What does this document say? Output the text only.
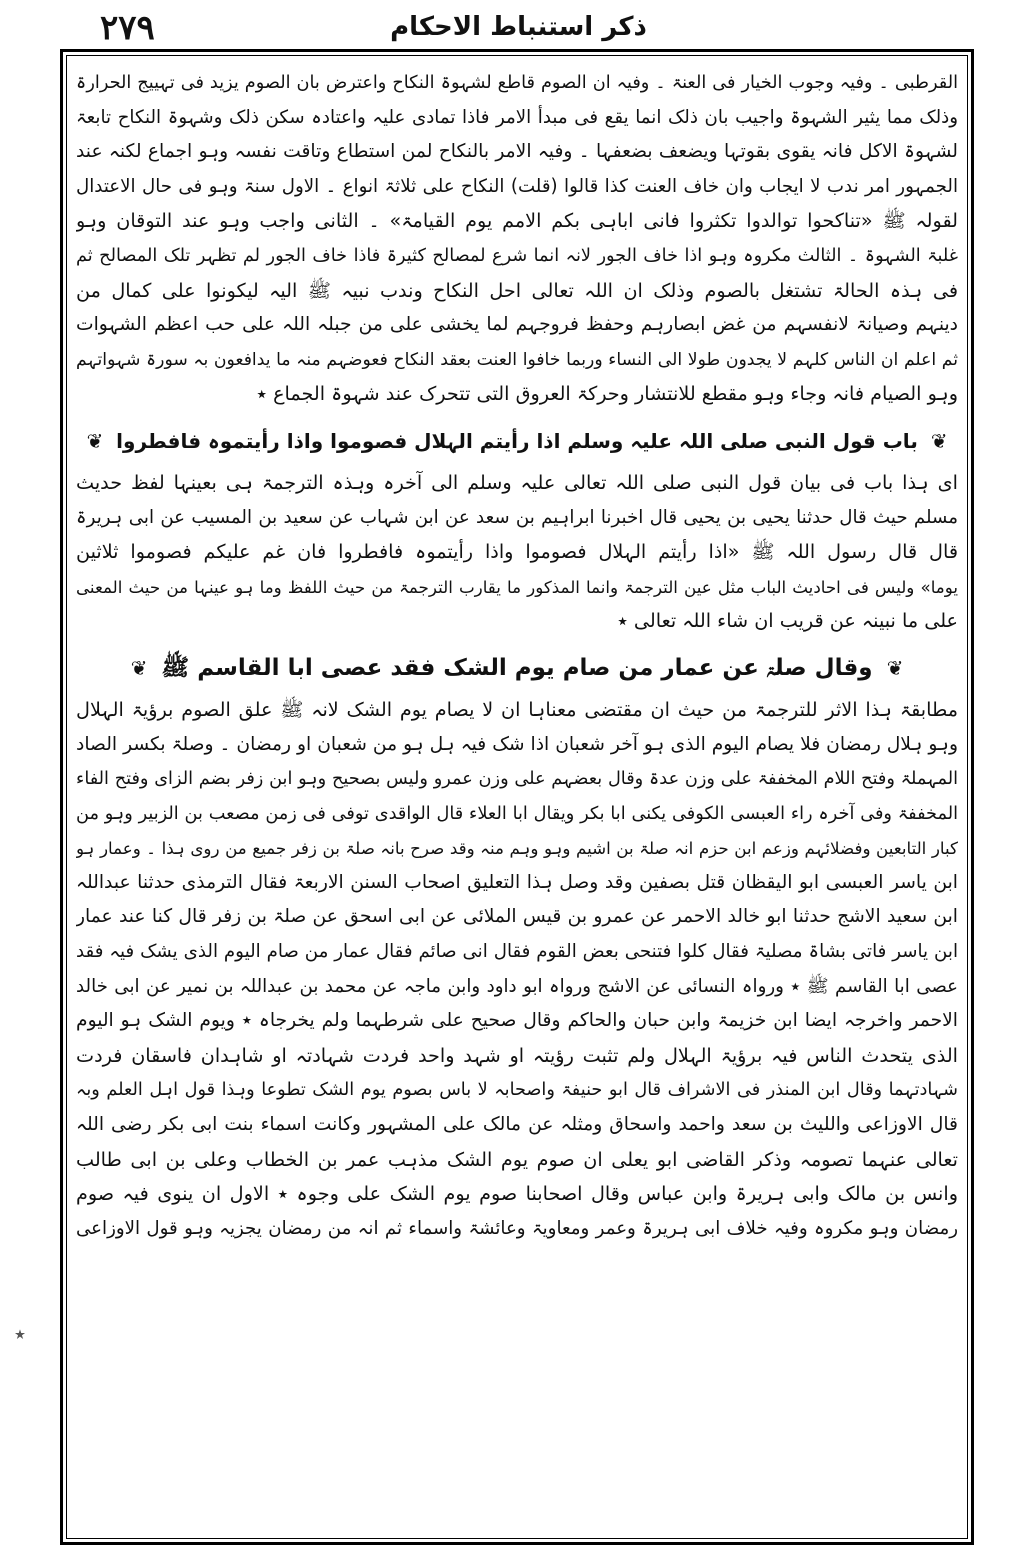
۲۷۹	ذکر استنباط الاحکام
القرطبی ۔ وفیہ وجوب الخیار فی العنۃ ۔ وفیہ ان الصوم قاطع لشہوۃ النکاح واعترض بان الصوم یزید فی تہییج الحرارۃ
وذلک مما یثیر الشہوۃ واجیب بان ذلک انما یقع فی مبدأ الامر فاذا تمادی علیہ واعتادہ سکن ذلک وشہوۃ النکاح تابعۃ
لشہوۃ الاکل فانہ یقوی بقوتہا ویضعف بضعفہا ۔ وفیہ الامر بالنکاح لمن استطاع وتاقت نفسہ وہو اجماع لکنہ عند
الجمہور امر ندب لا ایجاب وان خاف العنت کذا قالوا (قلت) النکاح علی ثلاثۃ انواع ۔ الاول سنۃ وہو فی حال الاعتدال
لقولہ ﷺ «تناکحوا توالدوا تکثروا فانی اباہی بکم الامم یوم القیامۃ» ۔ الثانی واجب وہو عند التوقان وہو
غلبۃ الشہوۃ ۔ الثالث مکروہ وہو اذا خاف الجور لانہ انما شرع لمصالح کثیرۃ فاذا خاف الجور لم تظہر تلک المصالح ثم
فی ہذہ الحالۃ تشتغل بالصوم وذلک ان اللہ تعالی احل النکاح وندب نبیہ ﷺ الیہ لیکونوا علی کمال من
دینہم وصیانۃ لانفسہم من غض ابصارہم وحفظ فروجہم لما یخشی علی من جبلہ اللہ علی حب اعظم الشہوات
ثم اعلم ان الناس کلہم لا یجدون طولا الی النساء وربما خافوا العنت بعقد النکاح فعوضہم منہ ما یدافعون بہ سورۃ شہواتہم
وہو الصیام فانہ وجاء وہو مقطع للانتشار وحرکۃ العروق التی تتحرک عند شہوۃ الجماع ٭
❦ باب قول النبی صلی اللہ علیہ وسلم اذا رأیتم الہلال فصوموا واذا رأیتموہ فافطروا ❦
ای ہذا باب فی بیان قول النبی صلی اللہ تعالی علیہ وسلم الی آخرہ وہذہ الترجمۃ ہی بعینہا لفظ حدیث
مسلم حیث قال حدثنا یحیی بن یحیی قال اخبرنا ابراہیم بن سعد عن ابن شہاب عن سعید بن المسیب عن ابی ہریرۃ
قال قال رسول اللہ ﷺ «اذا رأیتم الہلال فصوموا واذا رأیتموہ فافطروا فان غم علیکم فصوموا ثلاثین
یوما» ولیس فی احادیث الباب مثل عین الترجمۃ وانما المذکور ما یقارب الترجمۃ من حیث اللفظ وما ہو عینہا من حیث المعنی
علی ما نبینہ عن قریب ان شاء اللہ تعالی ٭
❦ وقال صلۃ عن عمار من صام یوم الشک فقد عصی ابا القاسم ﷺ ❦
مطابقۃ ہذا الاثر للترجمۃ من حیث ان مقتضی معناہا ان لا یصام یوم الشک لانہ ﷺ علق الصوم برؤیۃ الہلال
وہو ہلال رمضان فلا یصام الیوم الذی ہو آخر شعبان اذا شک فیہ ہل ہو من شعبان او رمضان ۔ وصلۃ بکسر الصاد
المہملۃ وفتح اللام المخففۃ علی وزن عدۃ وقال بعضہم علی وزن عمرو ولیس بصحیح وہو ابن زفر بضم الزای وفتح الفاء
المخففۃ وفی آخرہ راء العبسی الکوفی یکنی ابا بکر ویقال ابا العلاء قال الواقدی توفی فی زمن مصعب بن الزبیر وہو من
کبار التابعین وفضلائہم وزعم ابن حزم انہ صلۃ بن اشیم وہو وہم منہ وقد صرح بانہ صلۃ بن زفر جمیع من روی ہذا ۔ وعمار ہو
ابن یاسر العبسی ابو الیقظان قتل بصفین وقد وصل ہذا التعلیق اصحاب السنن الاربعۃ فقال الترمذی حدثنا عبداللہ
ابن سعید الاشج حدثنا ابو خالد الاحمر عن عمرو بن قیس الملائی عن ابی اسحق عن صلۃ بن زفر قال کنا عند عمار
ابن یاسر فاتی بشاۃ مصلیۃ فقال کلوا فتنحی بعض القوم فقال انی صائم فقال عمار من صام الیوم الذی یشک فیہ فقد
عصی ابا القاسم ﷺ ٭ ورواہ النسائی عن الاشج ورواہ ابو داود وابن ماجہ عن محمد بن عبداللہ بن نمیر عن ابی خالد
الاحمر واخرجہ ایضا ابن خزیمۃ وابن حبان والحاکم وقال صحیح علی شرطہما ولم یخرجاہ ٭ ویوم الشک ہو الیوم
الذی یتحدث الناس فیہ برؤیۃ الہلال ولم تثبت رؤیتہ او شہد واحد فردت شہادتہ او شاہدان فاسقان فردت
شہادتہما وقال ابن المنذر فی الاشراف قال ابو حنیفۃ واصحابہ لا باس بصوم یوم الشک تطوعا وہذا قول اہل العلم وبہ
قال الاوزاعی واللیث بن سعد واحمد واسحاق ومثلہ عن مالک علی المشہور وکانت اسماء بنت ابی بکر رضی اللہ
تعالی عنہما تصومہ وذکر القاضی ابو یعلی ان صوم یوم الشک مذہب عمر بن الخطاب وعلی بن ابی طالب
وانس بن مالک وابی ہریرۃ وابن عباس وقال اصحابنا صوم یوم الشک علی وجوہ ٭ الاول ان ینوی فیہ صوم
رمضان وہو مکروہ وفیہ خلاف ابی ہریرۃ وعمر ومعاویۃ وعائشۃ واسماء ثم انہ من رمضان یجزیہ وہو قول الاوزاعی
٭
